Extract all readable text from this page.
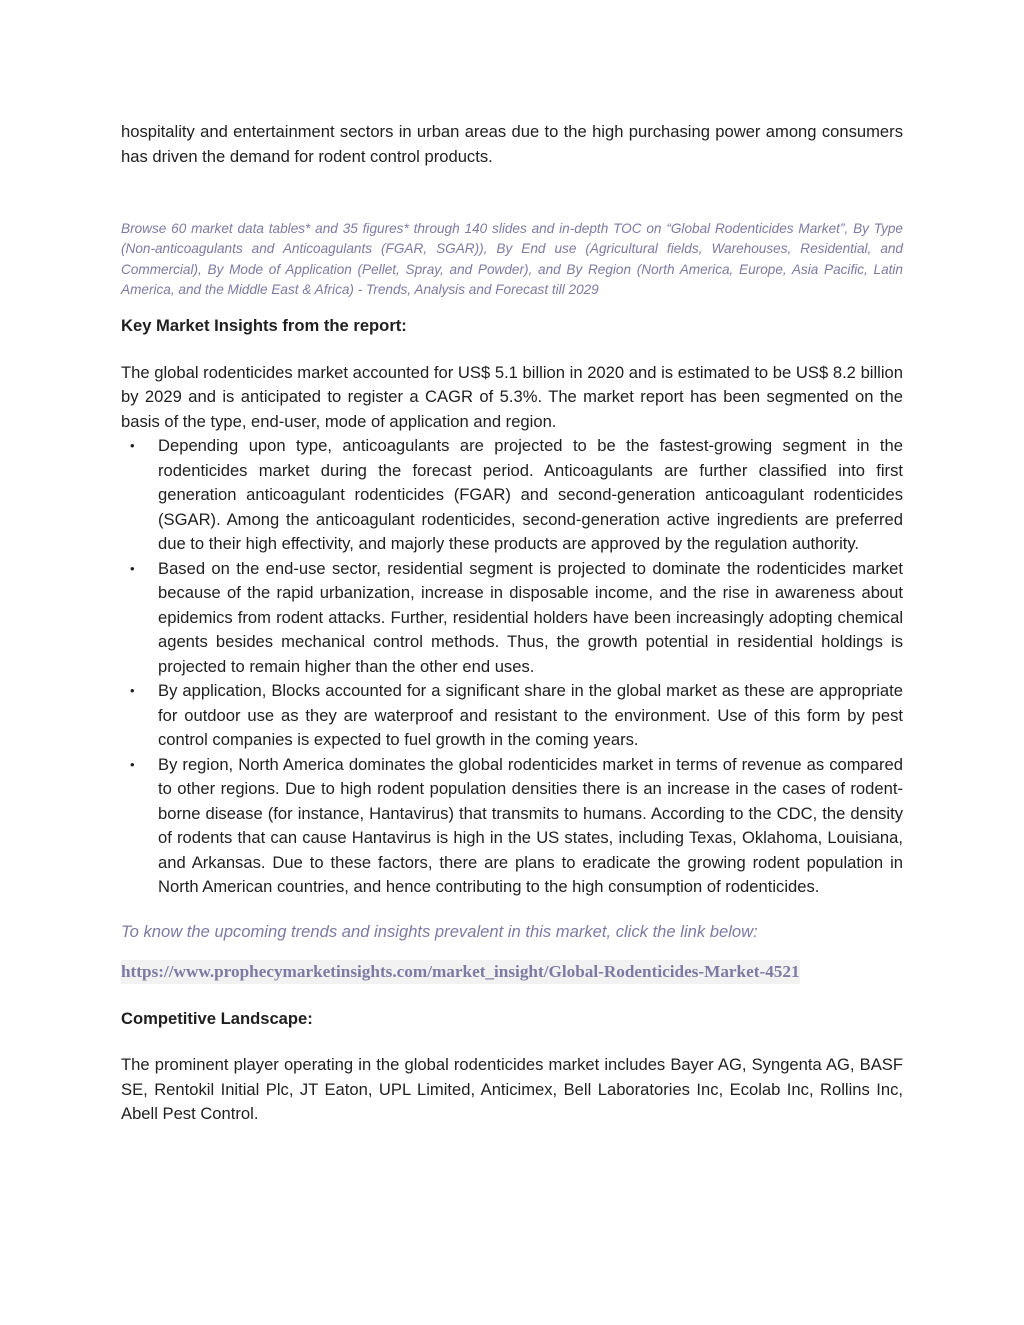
hospitality and entertainment sectors in urban areas due to the high purchasing power among consumers has driven the demand for rodent control products.

Browse 60 market data tables* and 35 figures* through 140 slides and in-depth TOC on “Global Rodenticides Market”, By Type (Non-anticoagulants and Anticoagulants (FGAR, SGAR)), By End use (Agricultural fields, Warehouses, Residential, and Commercial), By Mode of Application (Pellet, Spray, and Powder), and By Region (North America, Europe, Asia Pacific, Latin America, and the Middle East & Africa) - Trends, Analysis and Forecast till 2029

Key Market Insights from the report:

The global rodenticides market accounted for US$ 5.1 billion in 2020 and is estimated to be US$ 8.2 billion by 2029 and is anticipated to register a CAGR of 5.3%. The market report has been segmented on the basis of the type, end-user, mode of application and region.

• Depending upon type, anticoagulants are projected to be the fastest-growing segment in the rodenticides market during the forecast period. Anticoagulants are further classified into first generation anticoagulant rodenticides (FGAR) and second-generation anticoagulant rodenticides (SGAR). Among the anticoagulant rodenticides, second-generation active ingredients are preferred due to their high effectivity, and majorly these products are approved by the regulation authority.
• Based on the end-use sector, residential segment is projected to dominate the rodenticides market because of the rapid urbanization, increase in disposable income, and the rise in awareness about epidemics from rodent attacks. Further, residential holders have been increasingly adopting chemical agents besides mechanical control methods. Thus, the growth potential in residential holdings is projected to remain higher than the other end uses.
• By application, Blocks accounted for a significant share in the global market as these are appropriate for outdoor use as they are waterproof and resistant to the environment. Use of this form by pest control companies is expected to fuel growth in the coming years.
• By region, North America dominates the global rodenticides market in terms of revenue as compared to other regions. Due to high rodent population densities there is an increase in the cases of rodent-borne disease (for instance, Hantavirus) that transmits to humans. According to the CDC, the density of rodents that can cause Hantavirus is high in the US states, including Texas, Oklahoma, Louisiana, and Arkansas. Due to these factors, there are plans to eradicate the growing rodent population in North American countries, and hence contributing to the high consumption of rodenticides.

To know the upcoming trends and insights prevalent in this market, click the link below:

https://www.prophecymarketinsights.com/market_insight/Global-Rodenticides-Market-4521

Competitive Landscape:

The prominent player operating in the global rodenticides market includes Bayer AG, Syngenta AG, BASF SE, Rentokil Initial Plc, JT Eaton, UPL Limited, Anticimex, Bell Laboratories Inc, Ecolab Inc, Rollins Inc, Abell Pest Control.
